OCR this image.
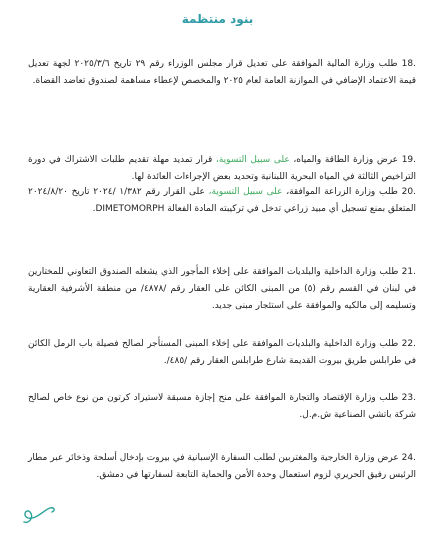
بنود منتظمة
18. طلب وزارة المالية الموافقة على تعديل قرار مجلس الوزراء رقم ٢٩ تاريخ ٢٠٢٥/٣/٦ لجهة تعديل قيمة الاعتماد الإضافي في الموازنة العامة لعام ٢٠٢٥ والمخصص لإعطاء مساهمة لصندوق تعاضد القضاة.
19. عرض وزارة الطاقة والمياه، على سبيل التسوية، قرار تمديد مهلة تقديم طلبات الاشتراك في دورة التراخيص الثالثة في المياه البحرية اللبنانية وتحديد بعض الإجراءات العائدة لها.
20. طلب وزارة الزراعة الموافقة، على سبيل التسوية، على القرار رقم ١/٣٨٢ /٢٠٢٤ تاريخ ٢٠٢٤/٨/٢٠ المتعلق بمنع تسجيل أي مبيد زراعي تدخل في تركيبته المادة الفعالة DIMETOMORPH.
21. طلب وزارة الداخلية والبلديات الموافقة على إخلاء المأجور الذي يشغله الصندوق التعاوني للمختارين في لبنان في القسم رقم (٥) من المبنى الكائن على العقار رقم /٤٨٧٨/ من منطقة الأشرفية العقارية وتسليمه إلى مالكيه والموافقة على استئجار مبنى جديد.
22. طلب وزارة الداخلية والبلديات الموافقة على إخلاء المبنى المستأجر لصالح فصيلة باب الرمل الكائن في طرابلس طريق بيروت القديمة شارع طرابلس العقار رقم /٤٨٥/.
23. طلب وزارة الإقتصاد والتجارة الموافقة على منح إجازة مسبقة لاستيراد كرتون من نوع خاص لصالح شركة باتشي الصناعية ش.م.ل.
24. عرض وزارة الخارجية والمغتربين لطلب السفارة الإسبانية في بيروت بإدخال أسلحة وذخائر عبر مطار الرئيس رفيق الحريري لزوم استعمال وحدة الأمن والحماية التابعة لسفارتها في دمشق.
